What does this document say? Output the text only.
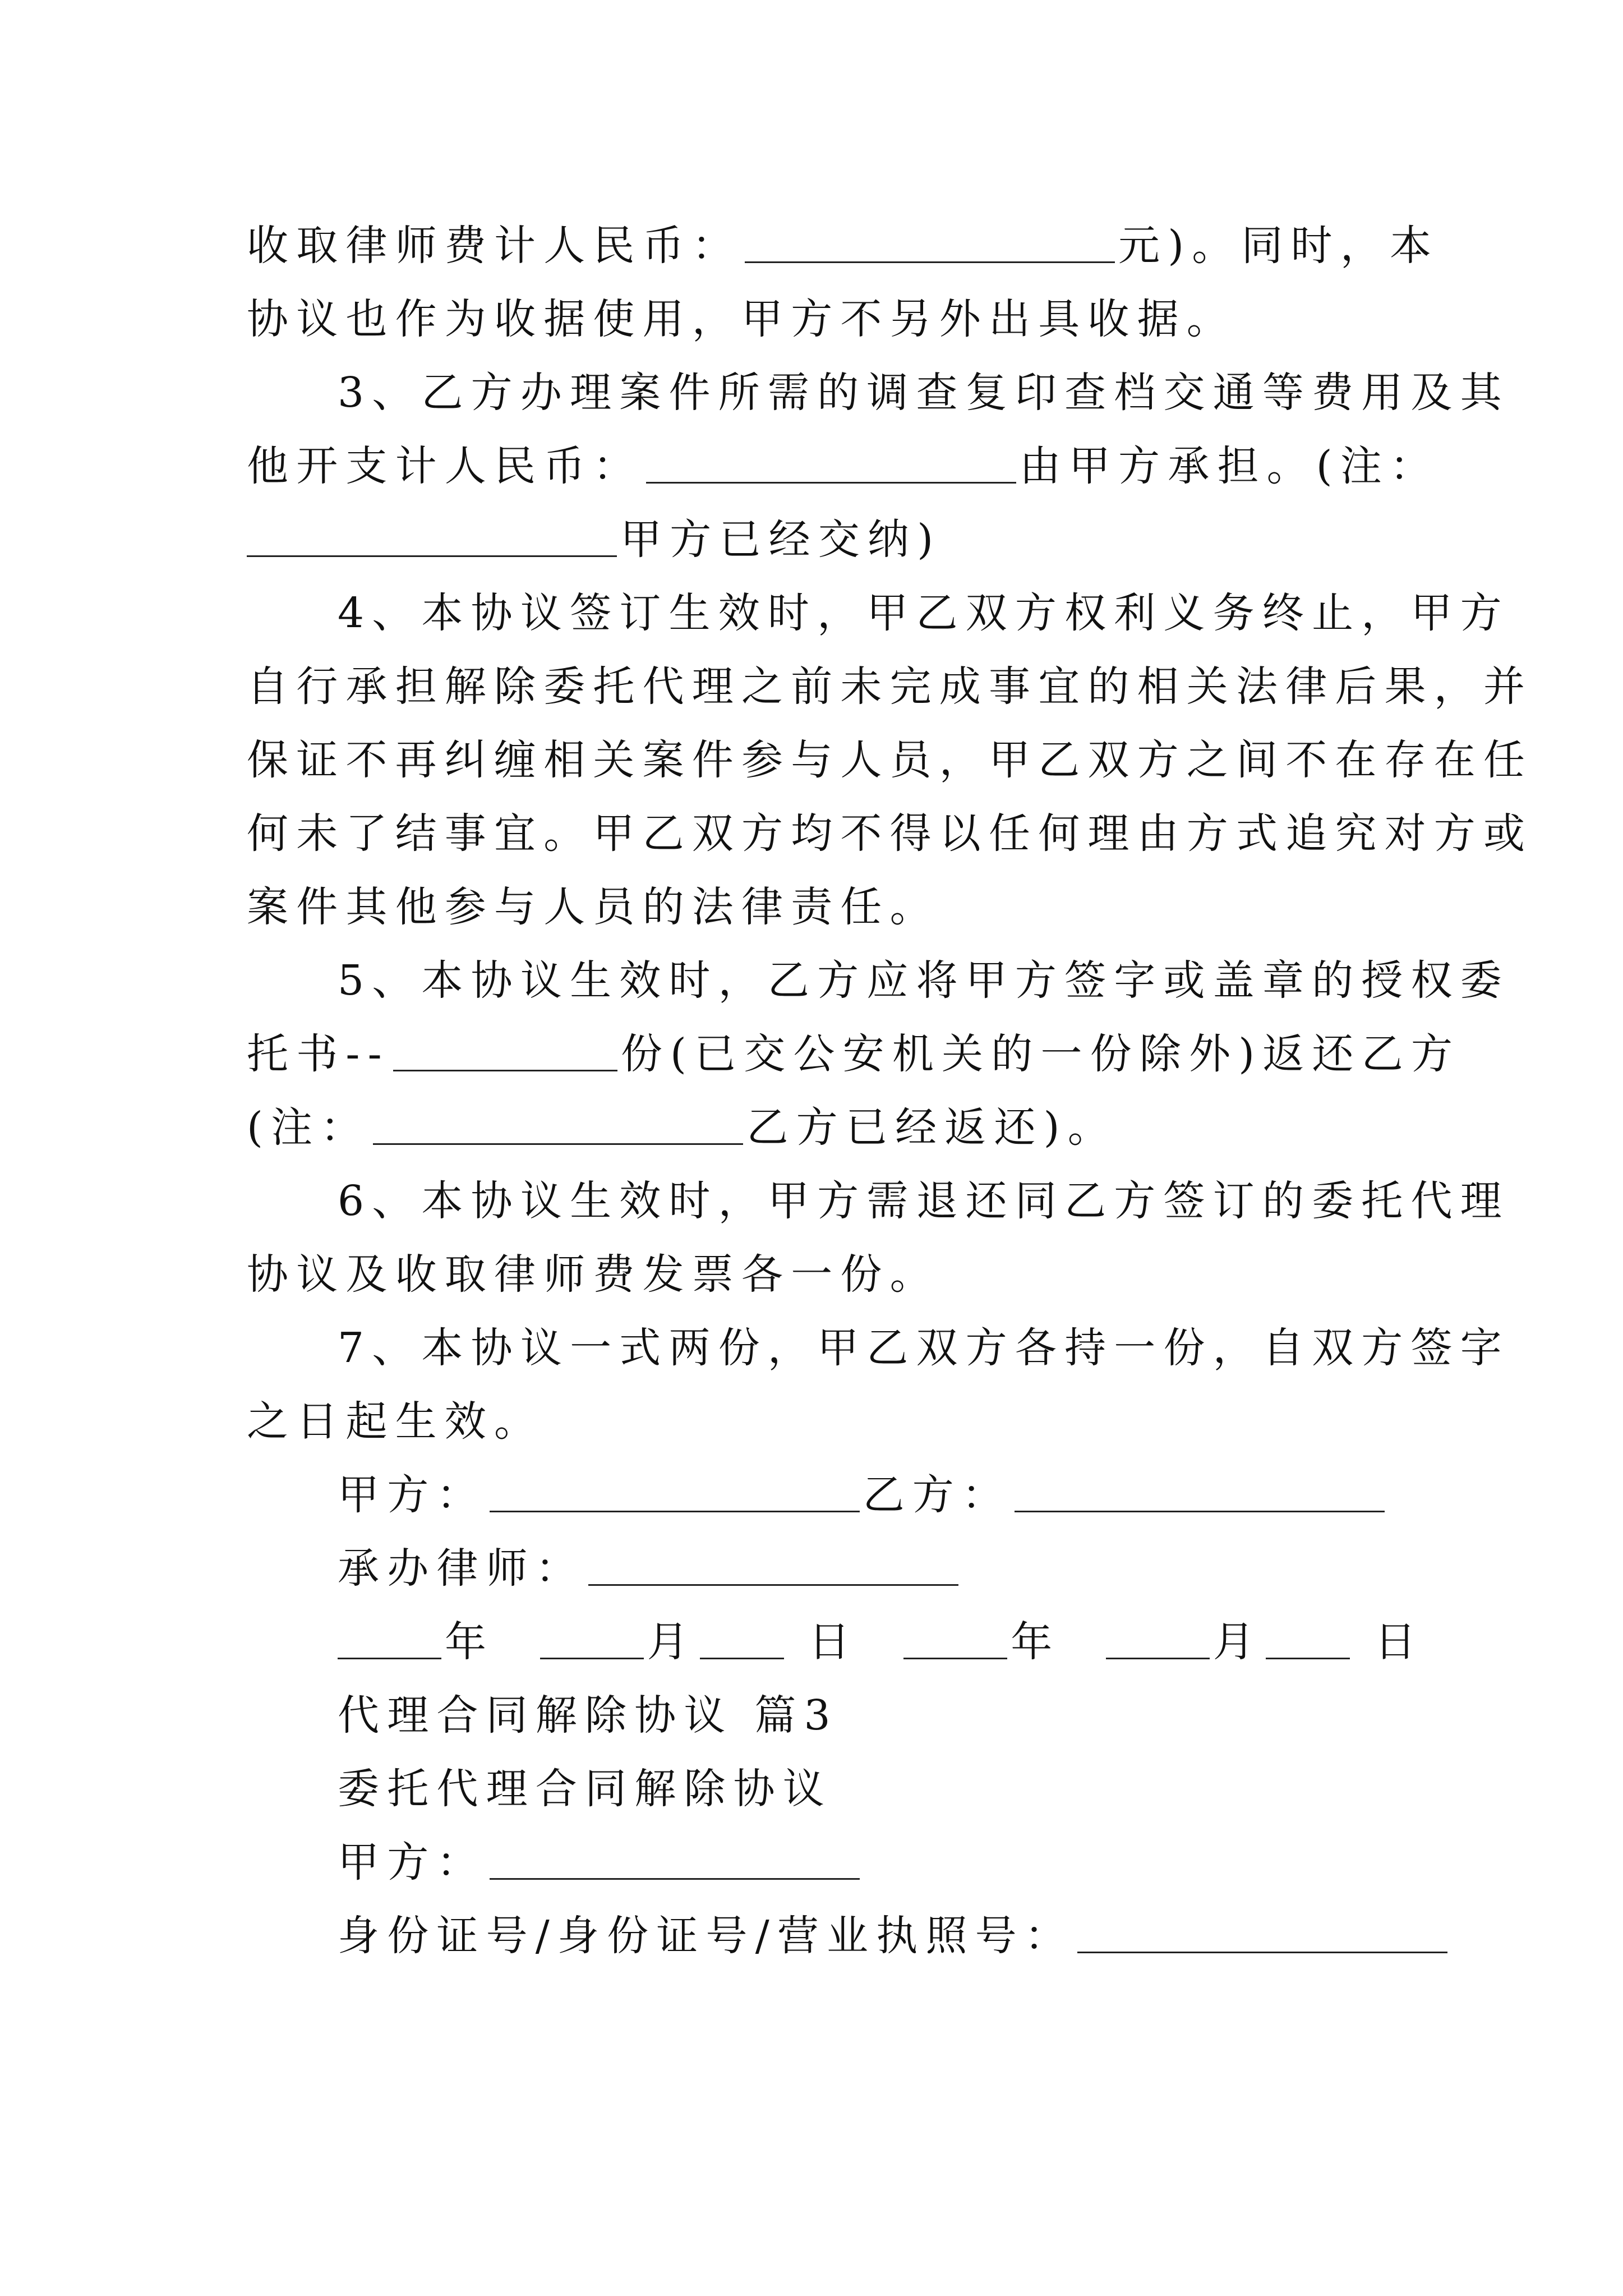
收取律师费计人民币：	元)。同时，本
协议也作为收据使用，甲方不另外出具收据。
3、乙方办理案件所需的调查复印查档交通等费用及其
他开支计人民币：	由甲方承担。(注：
甲方已经交纳)
4、本协议签订生效时，甲乙双方权利义务终止，甲方
自行承担解除委托代理之前未完成事宜的相关法律后果，并
保证不再纠缠相关案件参与人员，甲乙双方之间不在存在任
何未了结事宜。甲乙双方均不得以任何理由方式追究对方或
案件其他参与人员的法律责任。
5、本协议生效时，乙方应将甲方签字或盖章的授权委
托书--	份(已交公安机关的一份除外)返还乙方
(注：	乙方已经返还)。
6、本协议生效时，甲方需退还同乙方签订的委托代理
协议及收取律师费发票各一份。
7、本协议一式两份，甲乙双方各持一份，自双方签字
之日起生效。
甲方：	乙方：
承办律师：
年	月	日	年	月	日
代理合同解除协议 篇3
委托代理合同解除协议
甲方：
身份证号/身份证号/营业执照号：
